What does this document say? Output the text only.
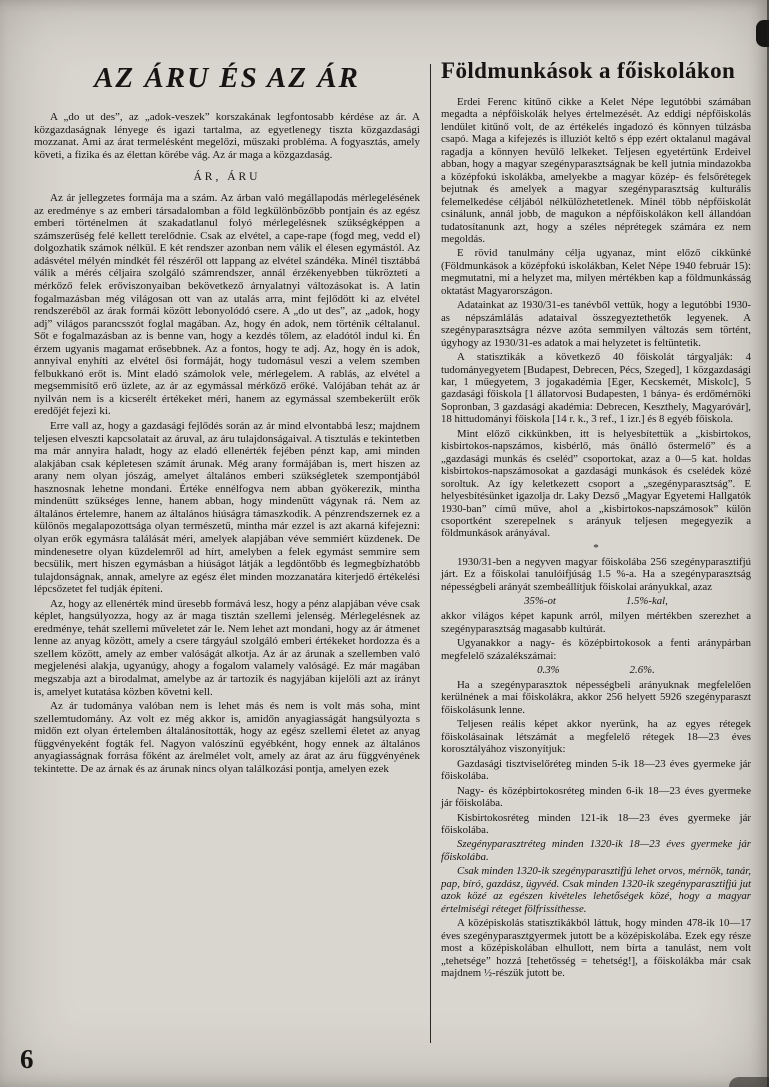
AZ ÁRU ÉS AZ ÁR

A „do ut des”, az „adok-veszek” korszakának legfontosabb kérdése az ár. A közgazdaságnak lényege és igazi tartalma, az egyetlenegy tiszta közgazdasági mozzanat. Ami az árat termelésként megelőzi, műszaki probléma. A fogyasztás, amely követi, a fizika és az élettan körébe vág. Az ár maga a közgazdaság.

ÁR, ÁRU

Az ár jellegzetes formája ma a szám. Az árban való megállapodás mérlegelésének az eredménye s az emberi társadalomban a föld legkülönbözőbb pontjain és az egész emberi történelmen át szakadatlanul folyó mérlegelésnek szükségképpen a számszerűség felé kellett terelődnie. Csak az elvétel, a cape-rape (fogd meg, vedd el) dolgozhatik számok nélkül. E két rendszer azonban nem válik el élesen egymástól. Az adásvétel mélyén mindkét fél részéről ott lappang az elvétel szándéka. Minél tisztábbá válik a mérés céljaira szolgáló számrendszer, annál érzékenyebben tükrözteti a mérkőző felek erőviszonyaiban bekövetkező árnyalatnyi változásokat is. A latin fogalmazásban még világosan ott van az utalás arra, mint fejlődött ki az elvétel rendszeréből az árak formái között lebonyolódó csere. A „do ut des”, az „adok, hogy adj” világos parancsszót foglal magában. Az, hogy én adok, nem történik céltalanul. Sőt e fogalmazásban az is benne van, hogy a kezdés tőlem, az eladótól indul ki. Én érzem ugyanis magamat erősebbnek. Az a fontos, hogy te adj. Az, hogy én is adok, annyival enyhíti az elvétel ősi formáját, hogy tudomásul veszi a velem szemben felbukkanó erőt is. Mint eladó számolok vele, mérlegelem. A rablás, az elvétel a megsemmisítő erő üzlete, az ár az egymással mérkőző erőké. Valójában tehát az ár nyilván nem is a kicserélt értékeket méri, hanem az egymással szembekerült erők eredőjét fejezi ki.

Erre vall az, hogy a gazdasági fejlődés során az ár mind elvontabbá lesz; majdnem teljesen elveszti kapcsolatait az áruval, az áru tulajdonságaival. A tisztulás e tekintetben ma már annyira haladt, hogy az eladó ellenérték fejében pénzt kap, ami minden alakjában csak képletesen számít árunak. Még arany formájában is, mert hiszen az arany nem olyan jószág, amelyet általános emberi szükségletek szempontjából hasznosnak lehetne mondani. Értéke ennélfogva nem abban gyökerezik, mintha mindenütt szükséges lenne, hanem abban, hogy mindenütt vágynak rá. Nem az általános értelemre, hanem az általános hiúságra támaszkodik. A pénzrendszernek ez a különös megalapozottsága olyan természetű, mintha már ezzel is azt akarná kifejezni: olyan erők egymásra találását méri, amelyek alapjában véve semmiért küzdenek. De mindenesetre olyan küzdelemről ad hírt, amelyben a felek egymást semmire sem becsülik, mert hiszen egymásban a hiúságot látják a legdöntőbb és legmegbízhatóbb tulajdonságnak, annak, amelyre az egész élet minden mozzanatára kiterjedő értékelési lépcsőzetet fel tudják építeni.

Az, hogy az ellenérték mind üresebb formává lesz, hogy a pénz alapjában véve csak képlet, hangsúlyozza, hogy az ár maga tisztán szellemi jelenség. Mérlegelésnek az eredménye, tehát szellemi műveletet zár le. Nem lehet azt mondani, hogy az ár átmenet lenne az anyag között, amely a csere tárgyául szolgáló emberi értékeket hordozza és a szellem között, amely az ember valóságát alkotja. Az ár az árunak a szellemben való megjelenési alakja, ugyanúgy, ahogy a fogalom valamely valóságé. Ez már magában megszabja azt a birodalmat, amelybe az ár tartozik és nagyjában kijelöli azt az irányt is, amelyet kutatása közben követni kell.

Az ár tudománya valóban nem is lehet más és nem is volt más soha, mint szellemtudomány. Az volt ez még akkor is, amidőn anyagiasságát hangsúlyozta s midőn ezt olyan értelemben általánosították, hogy az egész szellemi életet az anyag függvényeként fogták fel. Nagyon valószínű egyébként, hogy ennek az általános anyagiasságnak forrása főként az árelmélet volt, amely az árat az áru függvényének tekintette. De az árnak és az árunak nincs olyan találkozási pontja, amelyen ezek

Földmunkások a főiskolákon

Erdei Ferenc kitűnő cikke a Kelet Népe legutóbbi számában megadta a népfőiskolák helyes értelmezését. Az eddigi népfőiskolás lendület kitűnő volt, de az értékelés ingadozó és könnyen túlzásba csapó. Maga a kifejezés is illuziót keltő s épp ezért oktalanul magával ragadja a könnyen hevülő lelkeket. Teljesen egyetértünk Erdeivel abban, hogy a magyar szegényparasztságnak be kell jutnia mindazokba a középfokú iskolákba, amelyekbe a magyar közép- és felsőrétegek bejutnak és amelyek a magyar szegényparasztság kulturális felemelkedése céljából nélkülözhetetlenek. Minél több népfőiskolát csinálunk, annál jobb, de magukon a népfőiskolákon kell állandóan tudatosítanunk azt, hogy a széles néprétegek számára ez nem megoldás.

E rövid tanulmány célja ugyanaz, mint előző cikkünké (Földmunkások a középfokú iskolákban, Kelet Népe 1940 február 15): megmutatni, mi a helyzet ma, milyen mértékben kap a földmunkásság oktatást Magyarországon.

Adatainkat az 1930/31-es tanévből vettük, hogy a legutóbbi 1930-as népszámlálás adataival összegyeztethetők legyenek. A szegényparasztságra nézve azóta semmilyen változás sem történt, úgyhogy az 1930/31-es adatok a mai helyzetet is feltüntetik.

A statisztikák a következő 40 főiskolát tárgyalják: 4 tudományegyetem [Budapest, Debrecen, Pécs, Szeged], 1 közgazdasági kar, 1 műegyetem, 3 jogakadémia [Eger, Kecskemét, Miskolc], 5 gazdasági főiskola [1 állatorvosi Budapesten, 1 bánya- és erdőmérnöki Sopronban, 3 gazdasági akadémia: Debrecen, Keszthely, Magyaróvár], 18 hittudományi főiskola [14 r. k., 3 ref., 1 izr.] és 8 egyéb főiskola.

Mint előző cikkünkben, itt is helyesbítettük a „kisbirtokos, kisbirtokos-napszámos, kisbérlő, más önálló őstermelő” és a „gazdasági munkás és cseléd” csoportokat, azaz a 0—5 kat. holdas kisbirtokos-napszámosokat a gazdasági munkások és cselédek közé soroltuk. Az így keletkezett csoport a „szegényparasztság”. E helyesbítésünket igazolja dr. Laky Dezső „Magyar Egyetemi Hallgatók 1930-ban” című műve, ahol a „kisbirtokos-napszámosok” külön csoportként szerepelnek s arányuk teljesen megegyezik a földmunkások arányával.

*

1930/31-ben a negyven magyar főiskolába 256 szegényparasztifjú járt. Ez a főiskolai tanulóifjúság 1.5 %-a. Ha a szegényparasztság népességbeli arányát szembeállítjuk főiskolai arányukkal, azaz

35%-ot	1.5%-kal,

akkor világos képet kapunk arról, milyen mértékben szerezhet a szegényparasztság magasabb kultúrát.

Ugyanakkor a nagy- és középbirtokosok a fenti aránypárban megfelelő százalékszámai:

0.3%	2.6%.

Ha a szegényparasztok népességbeli arányuknak megfelelően kerülnének a mai főiskolákra, akkor 256 helyett 5926 szegényparaszt főiskolásunk lenne.

Teljesen reális képet akkor nyerünk, ha az egyes rétegek főiskolásainak létszámát a megfelelő rétegek 18—23 éves korosztályához viszonyítjuk:

Gazdasági tisztviselőréteg minden 5-ik 18—23 éves gyermeke jár főiskolába.

Nagy- és középbirtokosréteg minden 6-ik 18—23 éves gyermeke jár főiskolába.

Kisbirtokosréteg minden 121-ik 18—23 éves gyermeke jár főiskolába.

Szegényparasztréteg minden 1320-ik 18—23 éves gyermeke jár főiskolába.

Csak minden 1320-ik szegényparasztifjú lehet orvos, mérnök, tanár, pap, bíró, gazdász, ügyvéd. Csak minden 1320-ik szegényparasztifjú jut azok közé az egészen kivételes lehetőségek közé, hogy a magyar értelmiségi réteget fölfrissíthesse.

A középiskolás statisztikákból láttuk, hogy minden 478-ik 10—17 éves szegényparasztgyermek jutott be a középiskolába. Ezek egy része most a középiskolában elhullott, nem bírta a tanulást, nem volt „tehetsége” hozzá [tehetősség = tehetség!], a főiskolákba már csak majdnem ½-részük jutott be.

6
